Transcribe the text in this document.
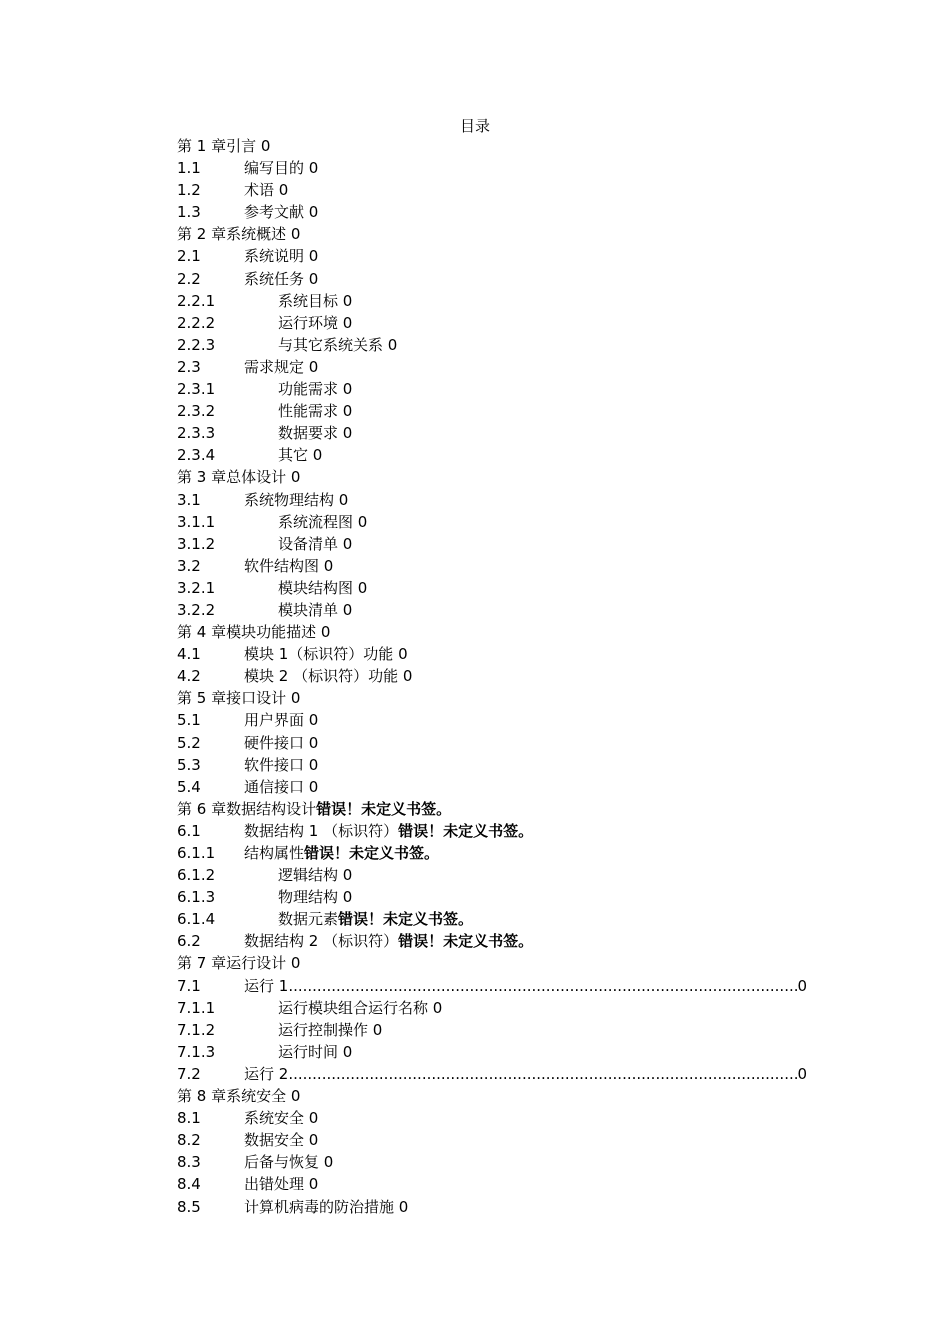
目录
第 1 章引言 0
1.1	编写目的 0
1.2	术语 0
1.3	参考文献 0
第 2 章系统概述 0
2.1	系统说明 0
2.2	系统任务 0
2.2.1	系统目标 0
2.2.2	运行环境 0
2.2.3	与其它系统关系 0
2.3	需求规定 0
2.3.1	功能需求 0
2.3.2	性能需求 0
2.3.3	数据要求 0
2.3.4	其它 0
第 3 章总体设计 0
3.1	系统物理结构 0
3.1.1	系统流程图 0
3.1.2	设备清单 0
3.2	软件结构图 0
3.2.1	模块结构图 0
3.2.2	模块清单 0
第 4 章模块功能描述 0
4.1	模块 1（标识符）功能 0
4.2	模块 2 （标识符）功能 0
第 5 章接口设计 0
5.1	用户界面 0
5.2	硬件接口 0
5.3	软件接口 0
5.4	通信接口 0
第 6 章数据结构设计错误！未定义书签。
6.1	数据结构 1 （标识符）错误！未定义书签。
6.1.1 结构属性错误！未定义书签。
6.1.2	逻辑结构 0
6.1.3	物理结构 0
6.1.4	数据元素错误！未定义书签。
6.2	数据结构 2 （标识符）错误！未定义书签。
第 7 章运行设计 0
7.1	运行 1 .....	0
7.1.1	运行模块组合运行名称 0
7.1.2	运行控制操作 0
7.1.3	运行时间 0
7.2	运行 2 .....	0
第 8 章系统安全 0
8.1	系统安全 0
8.2	数据安全 0
8.3	后备与恢复 0
8.4	出错处理 0
8.5	计算机病毒的防治措施 0
